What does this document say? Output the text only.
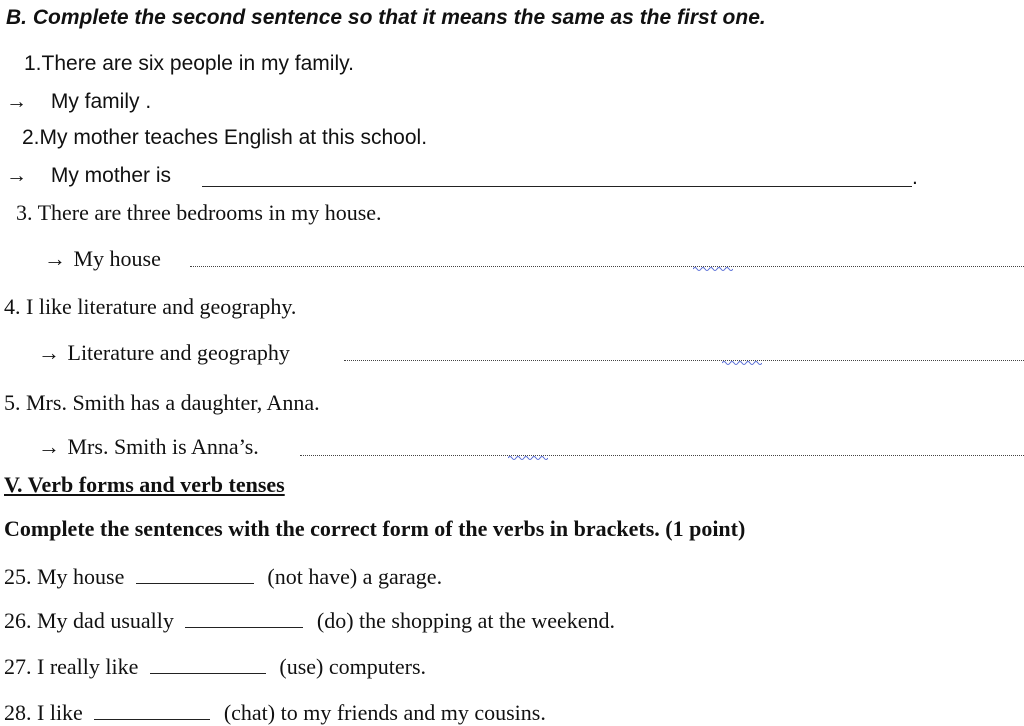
B. Complete the second sentence so that it means the same as the first one.
1.There are six people in my family.
→ My family .
2.My mother teaches English at this school.
→ My mother is	.
3. There are three bedrooms in my house.
→ My house
4. I like literature and geography.
→ Literature and geography
5. Mrs. Smith has a daughter, Anna.
→ Mrs. Smith is Anna’s.
V. Verb forms and verb tenses
Complete the sentences with the correct form of the verbs in brackets. (1 point)
25. My house	(not have) a garage.
26. My dad usually	(do) the shopping at the weekend.
27. I really like	(use) computers.
28. I like	(chat) to my friends and my cousins.
